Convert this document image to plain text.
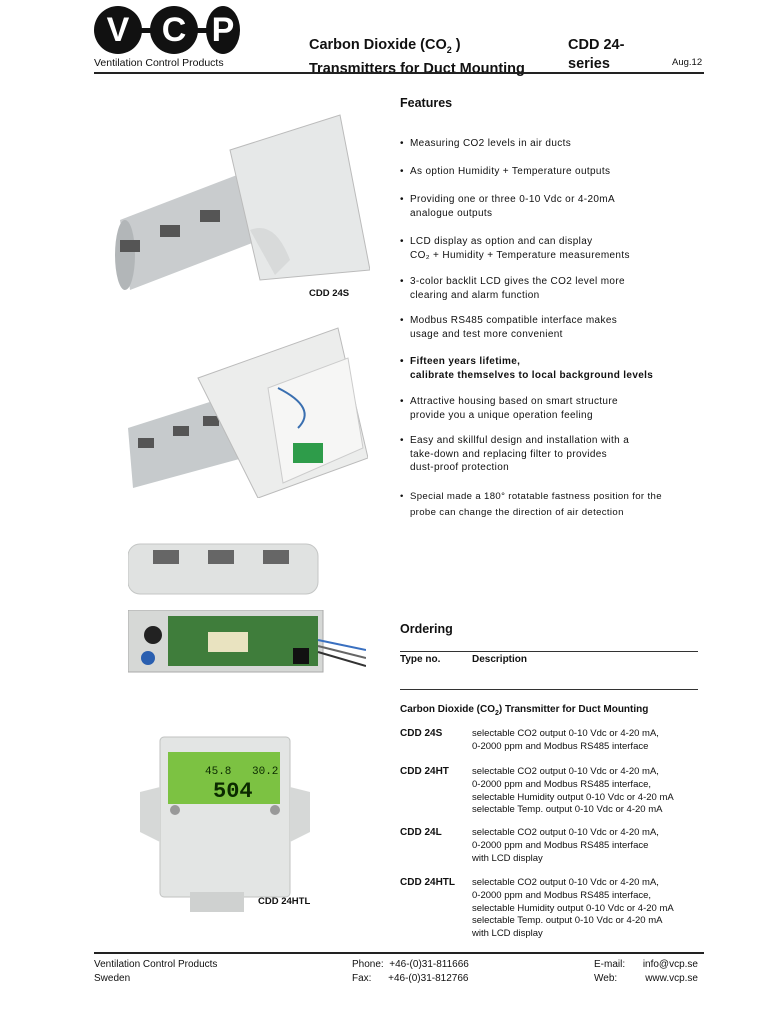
V C P
Ventilation Control Products
Carbon Dioxide ($CO_2$ )
Transmitters for Duct Mounting
CDD 24-
series	Aug.12
CDD 24S
45.8 30.2
504
CDD 24HTL
Features
• Measuring CO2 levels in air ducts
• As option Humidity + Temperature outputs
• Providing one or three 0-10 Vdc or 4-20mA
analogue outputs
• LCD display as option and can display
CO₂ + Humidity + Temperature measurements
• 3-color backlit LCD gives the CO2 level more
clearing and alarm function
• Modbus RS485 compatible interface makes
usage and test more convenient
• Fifteen years lifetime,
calibrate themselves to local background levels
• Attractive housing based on smart structure
provide you a unique operation feeling
• Easy and skillful design and installation with a
take-down and replacing filter to provides
dust-proof protection
• Special made a 180° rotatable fastness position for the
probe can change the direction of air detection
Ordering
Type no.	Description
Carbon Dioxide $(CO_2)$ Transmitter for Duct Mounting
CDD 24S	selectable CO2 output 0-10 Vdc or 4-20 mA,
0-2000 ppm and Modbus RS485 interface
CDD 24HT	selectable CO2 output 0-10 Vdc or 4-20 mA,
0-2000 ppm and Modbus RS485 interface,
selectable Humidity output 0-10 Vdc or 4-20 mA
selectable Temp. output 0-10 Vdc or 4-20 mA
CDD 24L	selectable CO2 output 0-10 Vdc or 4-20 mA,
0-2000 ppm and Modbus RS485 interface
with LCD display
CDD 24HTL	selectable CO2 output 0-10 Vdc or 4-20 mA,
0-2000 ppm and Modbus RS485 interface,
selectable Humidity output 0-10 Vdc or 4-20 mA
selectable Temp. output 0-10 Vdc or 4-20 mA
with LCD display
Ventilation Control Products
Sweden
Phone: +46-(0)31-811666
Fax: +46-(0)31-812766
E-mail: info@vcp.se
Web:	www.vcp.se
